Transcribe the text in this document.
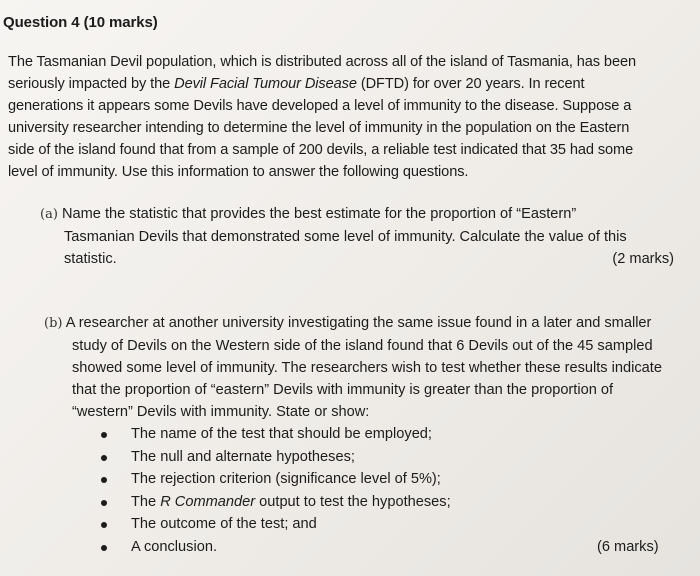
Question 4 (10 marks)

The Tasmanian Devil population, which is distributed across all of the island of Tasmania, has been

seriously impacted by the Devil Facial Tumour Disease (DFTD) for over 20 years. In recent

generations it appears some Devils have developed a level of immunity to the disease. Suppose a

university researcher intending to determine the level of immunity in the population on the Eastern

side of the island found that from a sample of 200 devils, a reliable test indicated that 35 had some

level of immunity. Use this information to answer the following questions.

(a) Name the statistic that provides the best estimate for the proportion of “Eastern”
Tasmanian Devils that demonstrated some level of immunity. Calculate the value of this
statistic.	(2 marks)
(b) A researcher at another university investigating the same issue found in a later and smaller
study of Devils on the Western side of the island found that 6 Devils out of the 45 sampled
showed some level of immunity. The researchers wish to test whether these results indicate
that the proportion of “eastern” Devils with immunity is greater than the proportion of
“western” Devils with immunity. State or show:
The name of the test that should be employed;
The null and alternate hypotheses;
The rejection criterion (significance level of 5%);
The R Commander output to test the hypotheses;
The outcome of the test; and
A conclusion.	(6 marks)
